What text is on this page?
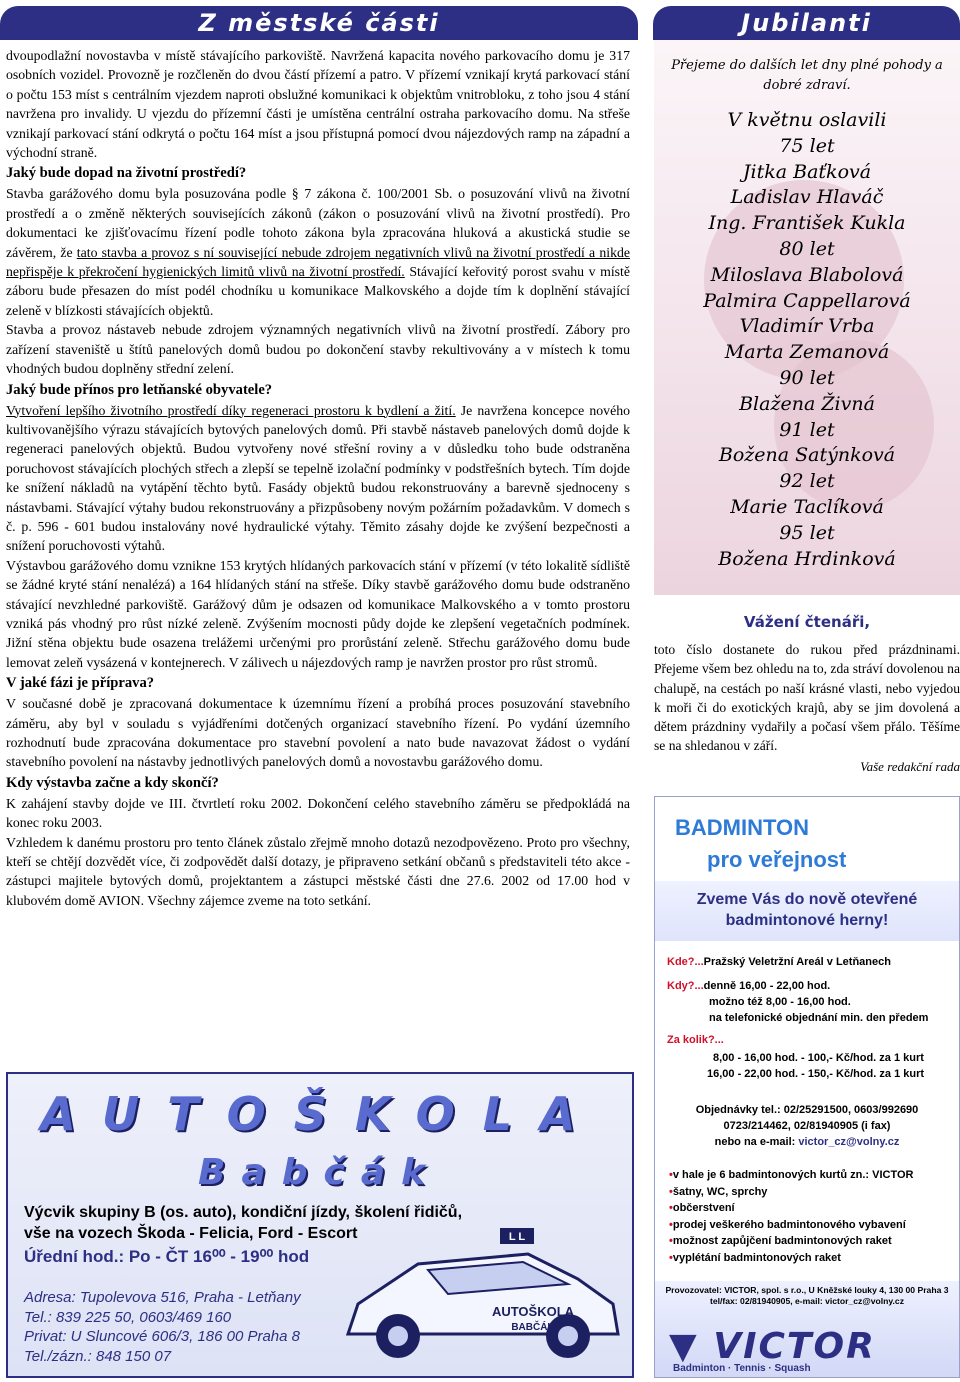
Z městské části	Jubilanti

dvoupodlažní novostavba v místě stávajícího parkoviště. Navržená kapacita nového parkovacího domu je 317 osobních vozidel. Provozně je rozčleněn do dvou částí přízemí a patro. V přízemí vznikají krytá parkovací stání o počtu 153 míst s centrálním vjezdem naproti obslužné komunikaci k objektům vnitrobloku, z toho jsou 4 stání navržena pro invalidy. U vjezdu do přízemní části je umístěna centrální ostraha parkovacího domu. Na střeše vznikají parkovací stání odkrytá o počtu 164 míst a jsou přístupná pomocí dvou nájezdových ramp na západní a východní straně.

Jaký bude dopad na životní prostředí?

Stavba garážového domu byla posuzována podle § 7 zákona č. 100/2001 Sb. o posuzování vlivů na životní prostředí a o změně některých souvisejících zákonů (zákon o posuzování vlivů na životní prostředí). Pro dokumentaci ke zjišťovacímu řízení podle tohoto zákona byla zpracována hluková a akustická studie se závěrem, že tato stavba a provoz s ní související nebude zdrojem negativních vlivů na životní prostředí a nikde nepřispěje k překročení hygienických limitů vlivů na životní prostředí. Stávající keřovitý porost svahu v místě záboru bude přesazen do míst podél chodníku u komunikace Malkovského a dojde tím k doplnění stávající zeleně v blízkosti stávajících objektů.

Stavba a provoz nástaveb nebude zdrojem významných negativních vlivů na životní prostředí. Zábory pro zařízení staveniště u štítů panelových domů budou po dokončení stavby rekultivovány a v místech k tomu vhodných budou doplněny střední zelení.

Jaký bude přínos pro letňanské obyvatele?

Vytvoření lepšího životního prostředí díky regeneraci prostoru k bydlení a žití. Je navržena koncepce nového kultivovanějšího výrazu stávajících bytových panelových domů. Při stavbě nástaveb panelových domů dojde k regeneraci panelových objektů. Budou vytvořeny nové střešní roviny a v důsledku toho bude odstraněna poruchovost stávajících plochých střech a zlepší se tepelně izolační podmínky v podstřešních bytech. Tím dojde ke snížení nákladů na vytápění těchto bytů. Fasády objektů budou rekonstruovány a barevně sjednoceny s nástavbami. Stávající výtahy budou rekonstruovány a přizpůsobeny novým požárním požadavkům. V domech s č. p. 596 - 601 budou instalovány nové hydraulické výtahy. Těmito zásahy dojde ke zvýšení bezpečnosti a snížení poruchovosti výtahů.

Výstavbou garážového domu vznikne 153 krytých hlídaných parkovacích stání v přízemí (v této lokalitě sídliště se žádné kryté stání nenalézá) a 164 hlídaných stání na střeše. Díky stavbě garážového domu bude odstraněno stávající nevzhledné parkoviště. Garážový dům je odsazen od komunikace Malkovského a v tomto prostoru vzniká pás vhodný pro růst nízké zeleně. Zvýšením mocnosti půdy dojde ke zlepšení vegetačních podmínek. Jižní stěna objektu bude osazena trelážemi určenými pro prorůstání zeleně. Střechu garážového domu bude lemovat zeleň vysázená v kontejnerech. V zálivech u nájezdových ramp je navržen prostor pro růst stromů.

V jaké fázi je příprava?

V současné době je zpracovaná dokumentace k územnímu řízení a probíhá proces posuzování stavebního záměru, aby byl v souladu s vyjádřeními dotčených organizací stavebního řízení. Po vydání územního rozhodnutí bude zpracována dokumentace pro stavební povolení a nato bude navazovat žádost o vydání stavebního povolení na nástavby jednotlivých panelových domů a novostavbu garážového domu.

Kdy výstavba začne a kdy skončí?

K zahájení stavby dojde ve III. čtvrtletí roku 2002. Dokončení celého stavebního záměru se předpokládá na konec roku 2003.

Vzhledem k danému prostoru pro tento článek zůstalo zřejmě mnoho dotazů nezodpovězeno. Proto pro všechny, kteří se chtějí dozvědět více, či zodpovědět další dotazy, je připraveno setkání občanů s představiteli této akce - zástupci majitele bytových domů, projektantem a zástupci městské části dne 27.6. 2002 od 17.00 hod v klubovém domě AVION. Všechny zájemce zveme na toto setkání.

Přejeme do dalších let dny plné pohody a dobré zdraví.
V květnu oslavili
75 let
Jitka Baťková
Ladislav Hlaváč
Ing. František Kukla
80 let
Miloslava Blabolová
Palmira Cappellarová
Vladimír Vrba
Marta Zemanová
90 let
Blažena Živná
91 let
Božena Satýnková
92 let
Marie Taclíková
95 let
Božena Hrdinková
Vážení čtenáři,

toto číslo dostanete do rukou před prázdninami. Přejeme všem bez ohledu na to, zda stráví dovolenou na chalupě, na cestách po naší krásné vlasti, nebo vyjedou k moři či do exotických krajů, aby se jim dovolená a dětem prázdniny vydařily a počasí všem přálo. Těšíme se na shledanou v září.

Vaše redakční rada
AUTOŠKOLA
Babčák
Výcvik skupiny B (os. auto), kondiční jízdy, školení řidičů,
vše na vozech Škoda - Felicia, Ford - Escort
Úřední hod.: Po - ČT 16⁰⁰ - 19⁰⁰ hod
Adresa: Tupolevova 516, Praha - Letňany
Tel.: 839 225 50, 0603/469 160
Privat: U Sluncové 606/3, 186 00 Praha 8
Tel./zázn.: 848 150 07
L L
AUTOŠKOLA
BABČÁK
BADMINTON
pro veřejnost
Zveme Vás do nově otevřené
badmintonové herny!
Kde?...Pražský Veletržní Areál v Letňanech
Kdy?...denně 16,00 - 22,00 hod.
možno též 8,00 - 16,00 hod.
na telefonické objednání min. den předem
Za kolik?...
8,00 - 16,00 hod. - 100,- Kč/hod. za 1 kurt
16,00 - 22,00 hod. - 150,- Kč/hod. za 1 kurt
Objednávky tel.: 02/25291500, 0603/992690
0723/214462, 02/81940905 (i fax)
nebo na e-mail: victor_cz@volny.cz
• v hale je 6 badmintonových kurtů zn.: VICTOR
• šatny, WC, sprchy
• občerstvení
• prodej veškerého badmintonového vybavení
• možnost zapůjčení badmintonových raket
• vyplétání badmintonových raket
Provozovatel: VICTOR, spol. s r.o., U Kněžské louky 4, 130 00 Praha 3
tel/fax: 02/81940905, e-mail: victor_cz@volny.cz
▼ VICTOR
Badminton · Tennis · Squash
